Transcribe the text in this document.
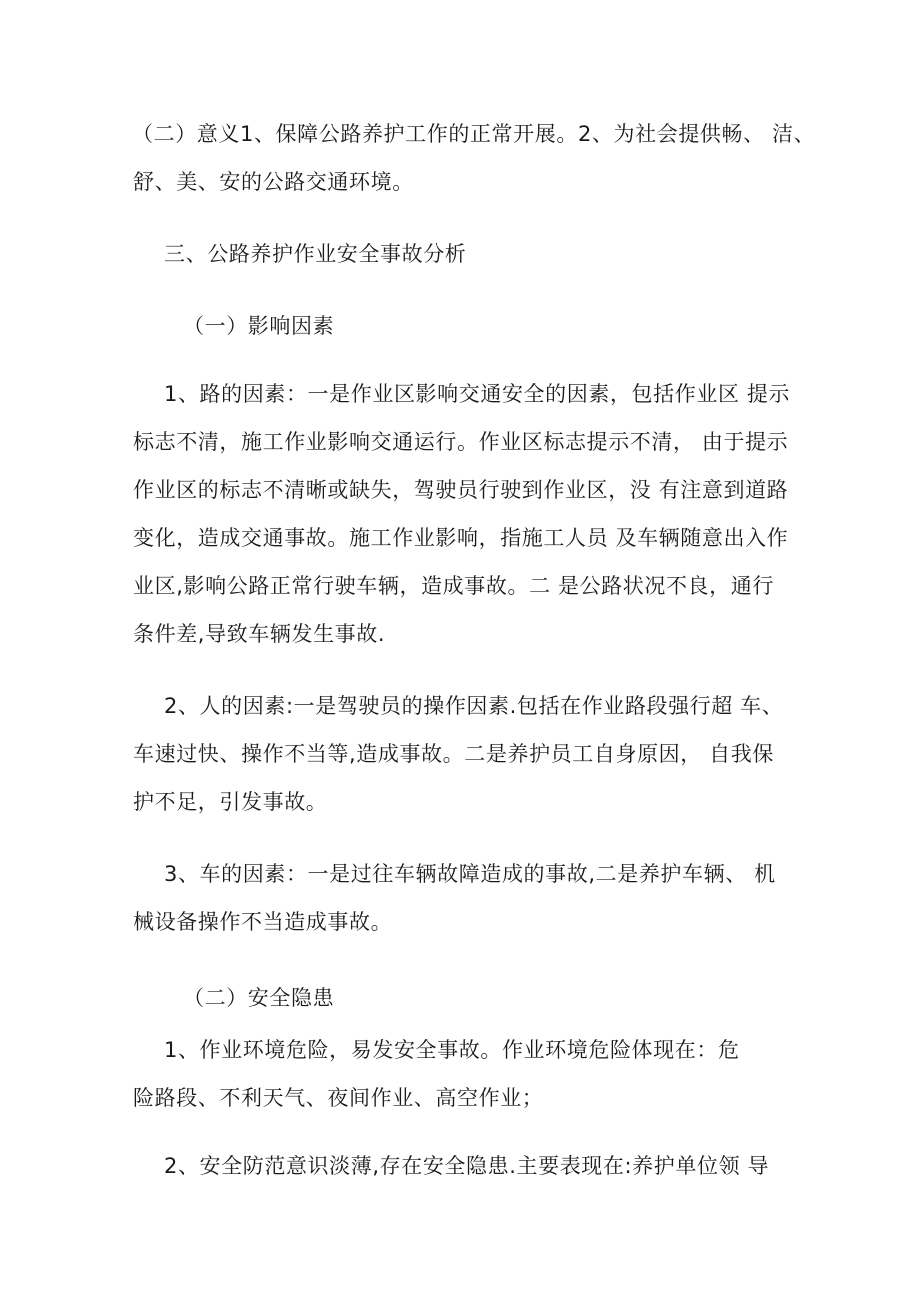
（二）意义1、保障公路养护工作的正常开展。2、为社会提供畅、 洁、
舒、美、安的公路交通环境。
三、公路养护作业安全事故分析
（一）影响因素
1、路的因素：一是作业区影响交通安全的因素，包括作业区 提示
标志不清，施工作业影响交通运行。作业区标志提示不清， 由于提示
作业区的标志不清晰或缺失，驾驶员行驶到作业区，没 有注意到道路
变化，造成交通事故。施工作业影响，指施工人员 及车辆随意出入作
业区,影响公路正常行驶车辆，造成事故。二 是公路状况不良，通行
条件差,导致车辆发生事故.
2、人的因素:一是驾驶员的操作因素.包括在作业路段强行超 车、
车速过快、操作不当等,造成事故。二是养护员工自身原因， 自我保
护不足，引发事故。
3、车的因素：一是过往车辆故障造成的事故,二是养护车辆、 机
械设备操作不当造成事故。
（二）安全隐患
1、作业环境危险，易发安全事故。作业环境危险体现在：危
险路段、不利天气、夜间作业、高空作业；
2、安全防范意识淡薄,存在安全隐患.主要表现在:养护单位领 导
